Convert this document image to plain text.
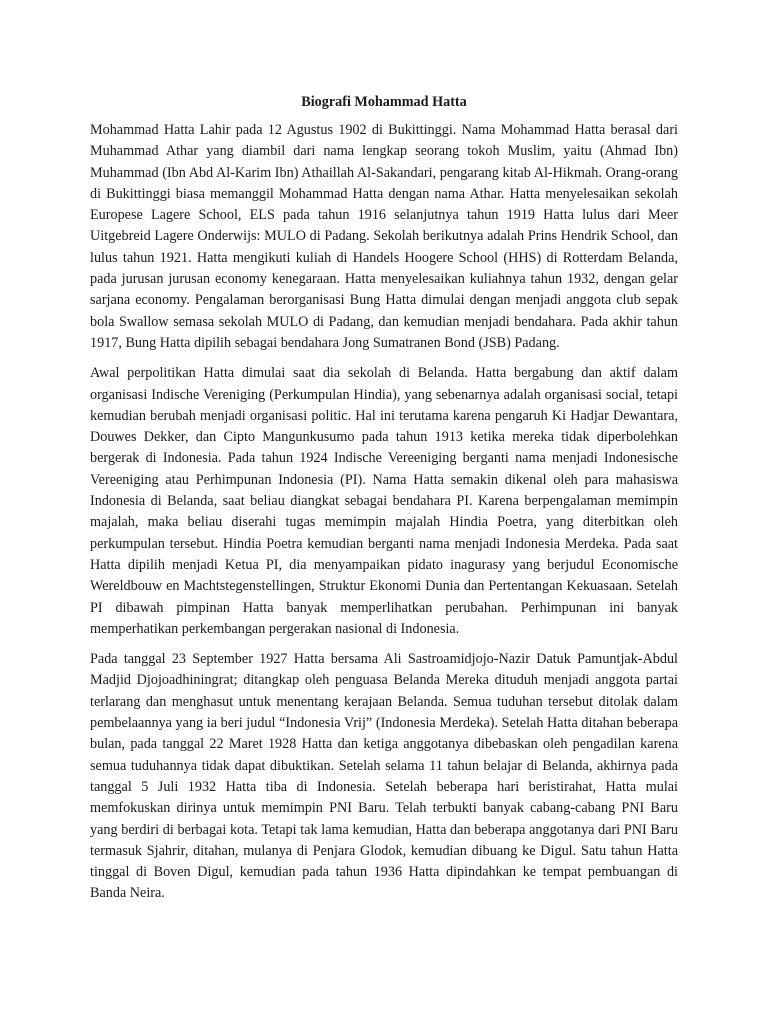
Biografi Mohammad Hatta

Mohammad Hatta Lahir pada 12 Agustus 1902 di Bukittinggi. Nama Mohammad Hatta berasal dari Muhammad Athar yang diambil dari nama lengkap seorang tokoh Muslim, yaitu (Ahmad Ibn) Muhammad (Ibn Abd Al-Karim Ibn) Athaillah Al-Sakandari, pengarang kitab Al-Hikmah. Orang-orang di Bukittinggi biasa memanggil Mohammad Hatta dengan nama Athar. Hatta menyelesaikan sekolah Europese Lagere School, ELS pada tahun 1916 selanjutnya tahun 1919 Hatta lulus dari Meer Uitgebreid Lagere Onderwijs: MULO di Padang. Sekolah berikutnya adalah Prins Hendrik School, dan lulus tahun 1921. Hatta mengikuti kuliah di Handels Hoogere School (HHS) di Rotterdam Belanda, pada jurusan jurusan economy kenegaraan. Hatta menyelesaikan kuliahnya tahun 1932, dengan gelar sarjana economy. Pengalaman berorganisasi Bung Hatta dimulai dengan menjadi anggota club sepak bola Swallow semasa sekolah MULO di Padang, dan kemudian menjadi bendahara. Pada akhir tahun 1917, Bung Hatta dipilih sebagai bendahara Jong Sumatranen Bond (JSB) Padang.

Awal perpolitikan Hatta dimulai saat dia sekolah di Belanda. Hatta bergabung dan aktif dalam organisasi Indische Vereniging (Perkumpulan Hindia), yang sebenarnya adalah organisasi social, tetapi kemudian berubah menjadi organisasi politic. Hal ini terutama karena pengaruh Ki Hadjar Dewantara, Douwes Dekker, dan Cipto Mangunkusumo pada tahun 1913 ketika mereka tidak diperbolehkan bergerak di Indonesia. Pada tahun 1924 Indische Vereeniging berganti nama menjadi Indonesische Vereeniging atau Perhimpunan Indonesia (PI). Nama Hatta semakin dikenal oleh para mahasiswa Indonesia di Belanda, saat beliau diangkat sebagai bendahara PI. Karena berpengalaman memimpin majalah, maka beliau diserahi tugas memimpin majalah Hindia Poetra, yang diterbitkan oleh perkumpulan tersebut. Hindia Poetra kemudian berganti nama menjadi Indonesia Merdeka. Pada saat Hatta dipilih menjadi Ketua PI, dia menyampaikan pidato inagurasy yang berjudul Economische Wereldbouw en Machtstegenstellingen, Struktur Ekonomi Dunia dan Pertentangan Kekuasaan. Setelah PI dibawah pimpinan Hatta banyak memperlihatkan perubahan. Perhimpunan ini banyak memperhatikan perkembangan pergerakan nasional di Indonesia.

Pada tanggal 23 September 1927 Hatta bersama Ali Sastroamidjojo-Nazir Datuk Pamuntjak-Abdul Madjid Djojoadhiningrat; ditangkap oleh penguasa Belanda Mereka dituduh menjadi anggota partai terlarang dan menghasut untuk menentang kerajaan Belanda. Semua tuduhan tersebut ditolak dalam pembelaannya yang ia beri judul “Indonesia Vrij” (Indonesia Merdeka). Setelah Hatta ditahan beberapa bulan, pada tanggal 22 Maret 1928 Hatta dan ketiga anggotanya dibebaskan oleh pengadilan karena semua tuduhannya tidak dapat dibuktikan. Setelah selama 11 tahun belajar di Belanda, akhirnya pada tanggal 5 Juli 1932 Hatta tiba di Indonesia. Setelah beberapa hari beristirahat, Hatta mulai memfokuskan dirinya untuk memimpin PNI Baru. Telah terbukti banyak cabang-cabang PNI Baru yang berdiri di berbagai kota. Tetapi tak lama kemudian, Hatta dan beberapa anggotanya dari PNI Baru termasuk Sjahrir, ditahan, mulanya di Penjara Glodok, kemudian dibuang ke Digul. Satu tahun Hatta tinggal di Boven Digul, kemudian pada tahun 1936 Hatta dipindahkan ke tempat pembuangan di Banda Neira.
